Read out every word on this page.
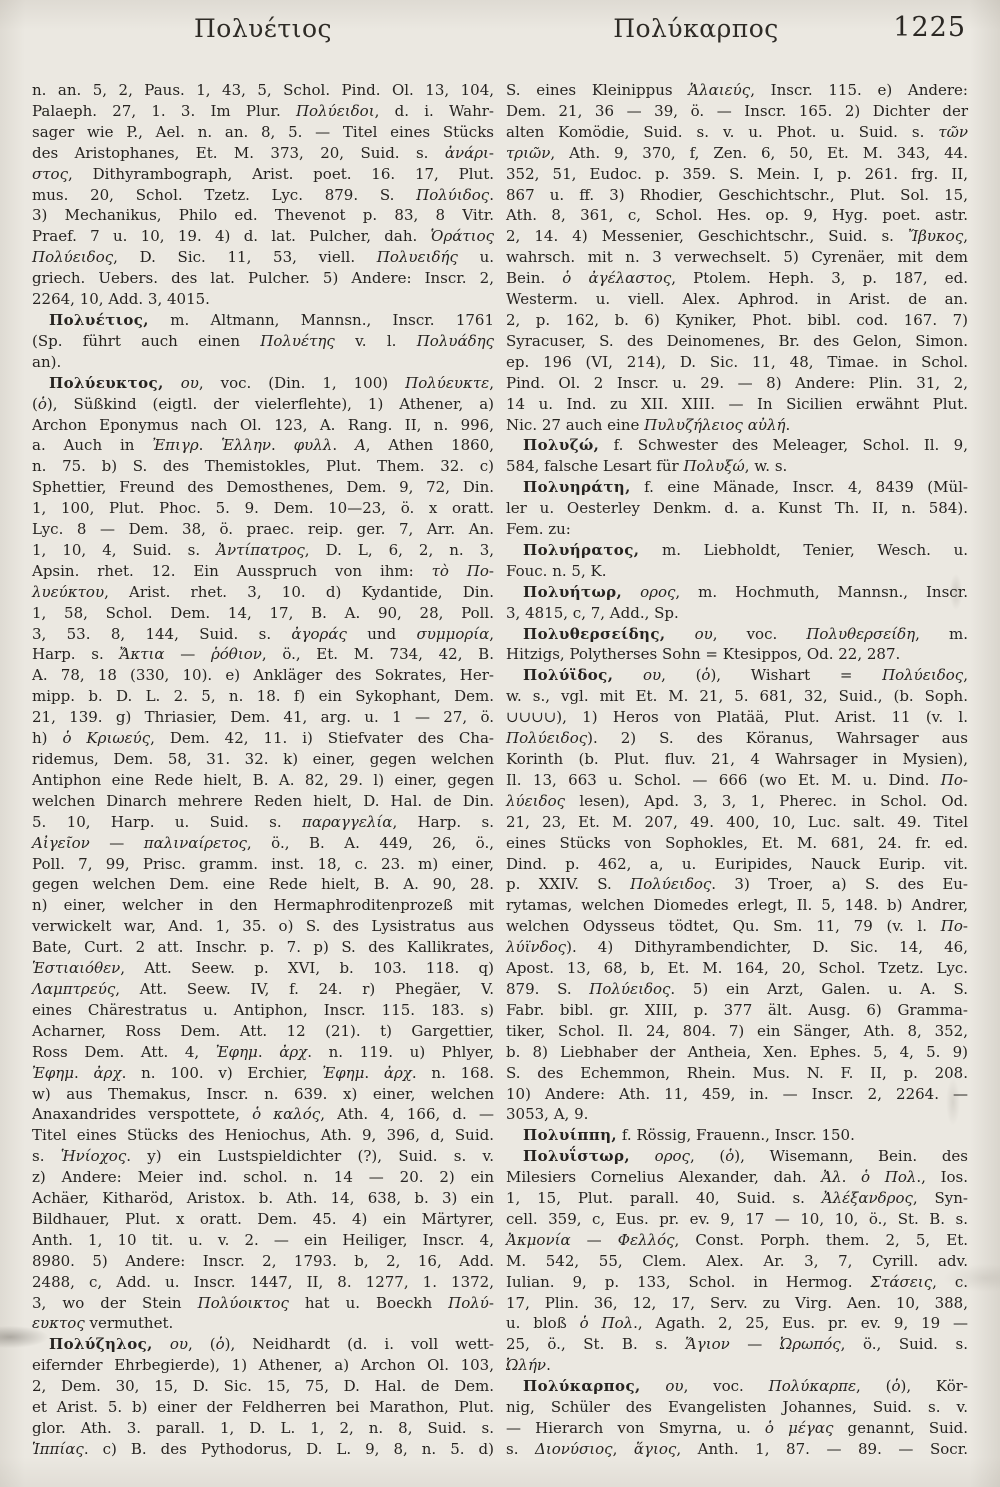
Πολυέτιος	Πολύκαρπος	1225
n. an. 5, 2, Paus. 1, 43, 5, Schol. Pind. Ol. 13, 104,
Palaeph. 27, 1. 3. Im Plur. Πολύειδοι, d. i. Wahr-
sager wie P., Ael. n. an. 8, 5. — Titel eines Stücks
des Aristophanes, Et. M. 373, 20, Suid. s. ἀνάρι-
στος, Dithyrambograph, Arist. poet. 16. 17, Plut.
mus. 20, Schol. Tzetz. Lyc. 879. S. Πολύιδος.
3) Mechanikus, Philo ed. Thevenot p. 83, 8 Vitr.
Praef. 7 u. 10, 19. 4) d. lat. Pulcher, dah. Ὁράτιος
Πολύειδος, D. Sic. 11, 53, viell. Πολυειδής u.
griech. Uebers. des lat. Pulcher. 5) Andere: Inscr. 2,
2264, 10, Add. 3, 4015.
Πολυέτιος, m. Altmann, Mannsn., Inscr. 1761
(Sp. führt auch einen Πολυέτης v. l. Πολυάδης
an).
Πολύευκτος, ου, voc. (Din. 1, 100) Πολύευκτε,
(ὁ), Süßkind (eigtl. der vielerflehte), 1) Athener, a)
Archon Eponymus nach Ol. 123, A. Rang. II, n. 996,
a. Auch in Ἐπιγρ. Ἑλλην. φυλλ. Α, Athen 1860,
n. 75. b) S. des Themistokles, Plut. Them. 32. c)
Sphettier, Freund des Demosthenes, Dem. 9, 72, Din.
1, 100, Plut. Phoc. 5. 9. Dem. 10—23, ö. x oratt.
Lyc. 8 — Dem. 38, ö. praec. reip. ger. 7, Arr. An.
1, 10, 4, Suid. s. Ἀντίπατρος, D. L, 6, 2, n. 3,
Apsin. rhet. 12. Ein Ausspruch von ihm: τὸ Πο-
λυεύκτου, Arist. rhet. 3, 10. d) Kydantide, Din.
1, 58, Schol. Dem. 14, 17, B. A. 90, 28, Poll.
3, 53. 8, 144, Suid. s. ἀγοράς und συμμορία,
Harp. s. Ἄκτια — ῥόθιον, ö., Et. M. 734, 42, B.
A. 78, 18 (330, 10). e) Ankläger des Sokrates, Her-
mipp. b. D. L. 2. 5, n. 18. f) ein Sykophant, Dem.
21, 139. g) Thriasier, Dem. 41, arg. u. 1 — 27, ö.
h) ὁ Κριωεύς, Dem. 42, 11. i) Stiefvater des Cha-
ridemus, Dem. 58, 31. 32. k) einer, gegen welchen
Antiphon eine Rede hielt, B. A. 82, 29. l) einer, gegen
welchen Dinarch mehrere Reden hielt, D. Hal. de Din.
5. 10, Harp. u. Suid. s. παραγγελία, Harp. s.
Αἰγεῖον — παλιναίρετος, ö., B. A. 449, 26, ö.,
Poll. 7, 99, Prisc. gramm. inst. 18, c. 23. m) einer,
gegen welchen Dem. eine Rede hielt, B. A. 90, 28.
n) einer, welcher in den Hermaphroditenprozeß mit
verwickelt war, And. 1, 35. o) S. des Lysistratus aus
Bate, Curt. 2 att. Inschr. p. 7. p) S. des Kallikrates,
Ἑστιαιόθεν, Att. Seew. p. XVI, b. 103. 118. q)
Λαμπτρεύς, Att. Seew. IV, f. 24. r) Phegäer, V.
eines Chärestratus u. Antiphon, Inscr. 115. 183. s)
Acharner, Ross Dem. Att. 12 (21). t) Gargettier,
Ross Dem. Att. 4, Ἐφημ. ἀρχ. n. 119. u) Phlyer,
Ἐφημ. ἀρχ. n. 100. v) Erchier, Ἐφημ. ἀρχ. n. 168.
w) aus Themakus, Inscr. n. 639. x) einer, welchen
Anaxandrides verspottete, ὁ καλός, Ath. 4, 166, d. —
Titel eines Stücks des Heniochus, Ath. 9, 396, d, Suid.
s. Ἡνίοχος. y) ein Lustspieldichter (?), Suid. s. v.
z) Andere: Meier ind. schol. n. 14 — 20. 2) ein
Achäer, Kitharöd, Aristox. b. Ath. 14, 638, b. 3) ein
Bildhauer, Plut. x oratt. Dem. 45. 4) ein Märtyrer,
Anth. 1, 10 tit. u. v. 2. — ein Heiliger, Inscr. 4,
8980. 5) Andere: Inscr. 2, 1793. b, 2, 16, Add.
2488, c, Add. u. Inscr. 1447, II, 8. 1277, 1. 1372,
3, wo der Stein Πολύοικτος hat u. Boeckh Πολύ-
ευκτος vermuthet.
Πολύζηλος, ου, (ὁ), Neidhardt (d. i. voll wett-
eifernder Ehrbegierde), 1) Athener, a) Archon Ol. 103,
2, Dem. 30, 15, D. Sic. 15, 75, D. Hal. de Dem.
et Arist. 5. b) einer der Feldherren bei Marathon, Plut.
glor. Ath. 3. parall. 1, D. L. 1, 2, n. 8, Suid. s.
Ἱππίας. c) B. des Pythodorus, D. L. 9, 8, n. 5. d)
S. eines Kleinippus Ἁλαιεύς, Inscr. 115. e) Andere:
Dem. 21, 36 — 39, ö. — Inscr. 165. 2) Dichter der
alten Komödie, Suid. s. v. u. Phot. u. Suid. s. τῶν
τριῶν, Ath. 9, 370, f, Zen. 6, 50, Et. M. 343, 44.
352, 51, Eudoc. p. 359. S. Mein. I, p. 261. frg. II,
867 u. ff. 3) Rhodier, Geschichtschr., Plut. Sol. 15,
Ath. 8, 361, c, Schol. Hes. op. 9, Hyg. poet. astr.
2, 14. 4) Messenier, Geschichtschr., Suid. s. Ἴβυκος,
wahrsch. mit n. 3 verwechselt. 5) Cyrenäer, mit dem
Bein. ὁ ἀγέλαστος, Ptolem. Heph. 3, p. 187, ed.
Westerm. u. viell. Alex. Aphrod. in Arist. de an.
2, p. 162, b. 6) Kyniker, Phot. bibl. cod. 167. 7)
Syracuser, S. des Deinomenes, Br. des Gelon, Simon.
ep. 196 (VI, 214), D. Sic. 11, 48, Timae. in Schol.
Pind. Ol. 2 Inscr. u. 29. — 8) Andere: Plin. 31, 2,
14 u. Ind. zu XII. XIII. — In Sicilien erwähnt Plut.
Nic. 27 auch eine Πυλυζήλειος αὐλή.
Πολυζώ, f. Schwester des Meleager, Schol. Il. 9,
584, falsche Lesart für Πολυξώ, w. s.
Πολυηράτη, f. eine Mänade, Inscr. 4, 8439 (Mül-
ler u. Oesterley Denkm. d. a. Kunst Th. II, n. 584).
Fem. zu:
Πολυήρατος, m. Liebholdt, Tenier, Wesch. u.
Fouc. n. 5, K.
Πολυήτωρ, ορος, m. Hochmuth, Mannsn., Inscr.
3, 4815, c, 7, Add., Sp.
Πολυθερσείδης, ου, voc. Πολυθερσείδη, m.
Hitzigs, Polytherses Sohn = Ktesippos, Od. 22, 287.
Πολύϊδος, ου, (ὁ), Wishart = Πολύειδος,
w. s., vgl. mit Et. M. 21, 5. 681, 32, Suid., (b. Soph.
∪∪∪∪), 1) Heros von Platää, Plut. Arist. 11 (v. l.
Πολύειδος). 2) S. des Köranus, Wahrsager aus
Korinth (b. Plut. fluv. 21, 4 Wahrsager in Mysien),
Il. 13, 663 u. Schol. — 666 (wo Et. M. u. Dind. Πο-
λύειδος lesen), Apd. 3, 3, 1, Pherec. in Schol. Od.
21, 23, Et. M. 207, 49. 400, 10, Luc. salt. 49. Titel
eines Stücks von Sophokles, Et. M. 681, 24. fr. ed.
Dind. p. 462, a, u. Euripides, Nauck Eurip. vit.
p. XXIV. S. Πολύειδος. 3) Troer, a) S. des Eu-
rytamas, welchen Diomedes erlegt, Il. 5, 148. b) Andrer,
welchen Odysseus tödtet, Qu. Sm. 11, 79 (v. l. Πο-
λύϊνδος). 4) Dithyrambendichter, D. Sic. 14, 46,
Apost. 13, 68, b, Et. M. 164, 20, Schol. Tzetz. Lyc.
879. S. Πολύειδος. 5) ein Arzt, Galen. u. A. S.
Fabr. bibl. gr. XIII, p. 377 ält. Ausg. 6) Gramma-
tiker, Schol. Il. 24, 804. 7) ein Sänger, Ath. 8, 352,
b. 8) Liebhaber der Antheia, Xen. Ephes. 5, 4, 5. 9)
S. des Echemmon, Rhein. Mus. N. F. II, p. 208.
10) Andere: Ath. 11, 459, in. — Inscr. 2, 2264. —
3053, A, 9.
Πολυίππη, f. Rössig, Frauenn., Inscr. 150.
Πολυΐστωρ, ορος, (ὁ), Wisemann, Bein. des
Milesiers Cornelius Alexander, dah. Ἀλ. ὁ Πολ., Ios.
1, 15, Plut. parall. 40, Suid. s. Ἀλέξανδρος, Syn-
cell. 359, c, Eus. pr. ev. 9, 17 — 10, 10, ö., St. B. s.
Ἀκμονία — Φελλός, Const. Porph. them. 2, 5, Et.
M. 542, 55, Clem. Alex. Ar. 3, 7, Cyrill. adv.
Iulian. 9, p. 133, Schol. in Hermog. Στάσεις, c.
17, Plin. 36, 12, 17, Serv. zu Virg. Aen. 10, 388,
u. bloß ὁ Πολ., Agath. 2, 25, Eus. pr. ev. 9, 19 —
25, ö., St. B. s. Ἅγιον — Ὠρωπός, ö., Suid. s.
Ὠλήν.
Πολύκαρπος, ου, voc. Πολύκαρπε, (ὁ), Kör-
nig, Schüler des Evangelisten Johannes, Suid. s. v.
— Hierarch von Smyrna, u. ὁ μέγας genannt, Suid.
s. Διονύσιος, ἅγιος, Anth. 1, 87. — 89. — Socr.
